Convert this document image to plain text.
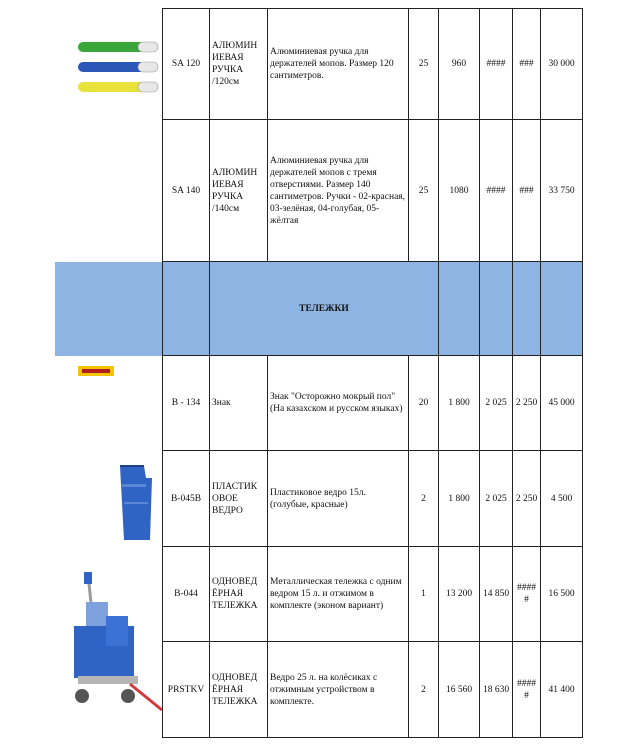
SA 120	АЛЮМИН ИЕВАЯ РУЧКА /120см	Алюминиевая ручка для держателей мопов. Размер 120 сантиметров.	25	960	####	###	30 000
SA 140	АЛЮМИН ИЕВАЯ РУЧКА /140см	Алюминиевая ручка для держателей мопов с тремя отверстиями. Размер 140 сантиметров. Ручки - 02-красная, 03-зелёная, 04-голубая, 05-жёлтая	25	1080	####	###	33 750
	ТЕЛЕЖКИ						
B - 134	Знак	Знак "Осторожно мокрый пол" (На казахском и русском языках)	20	1 800	2 025	2 250	45 000
B-045B	ПЛАСТИК ОВОЕ ВЕДРО	Пластиковое ведро 15л. (голубые, красные)	2	1 800	2 025	2 250	4 500
B-044	ОДНОВЕД ЁРНАЯ ТЕЛЕЖКА	Металлическая тележка с одним ведром 15 л. и отжимом в комплекте (эконом вариант)	1	13 200	14 850	#####	16 500
PRSTKV	ОДНОВЕД ЁРНАЯ ТЕЛЕЖКА	Ведро 25 л. на колёсиках с отжимным устройством в комплекте.	2	16 560	18 630	#####	41 400
